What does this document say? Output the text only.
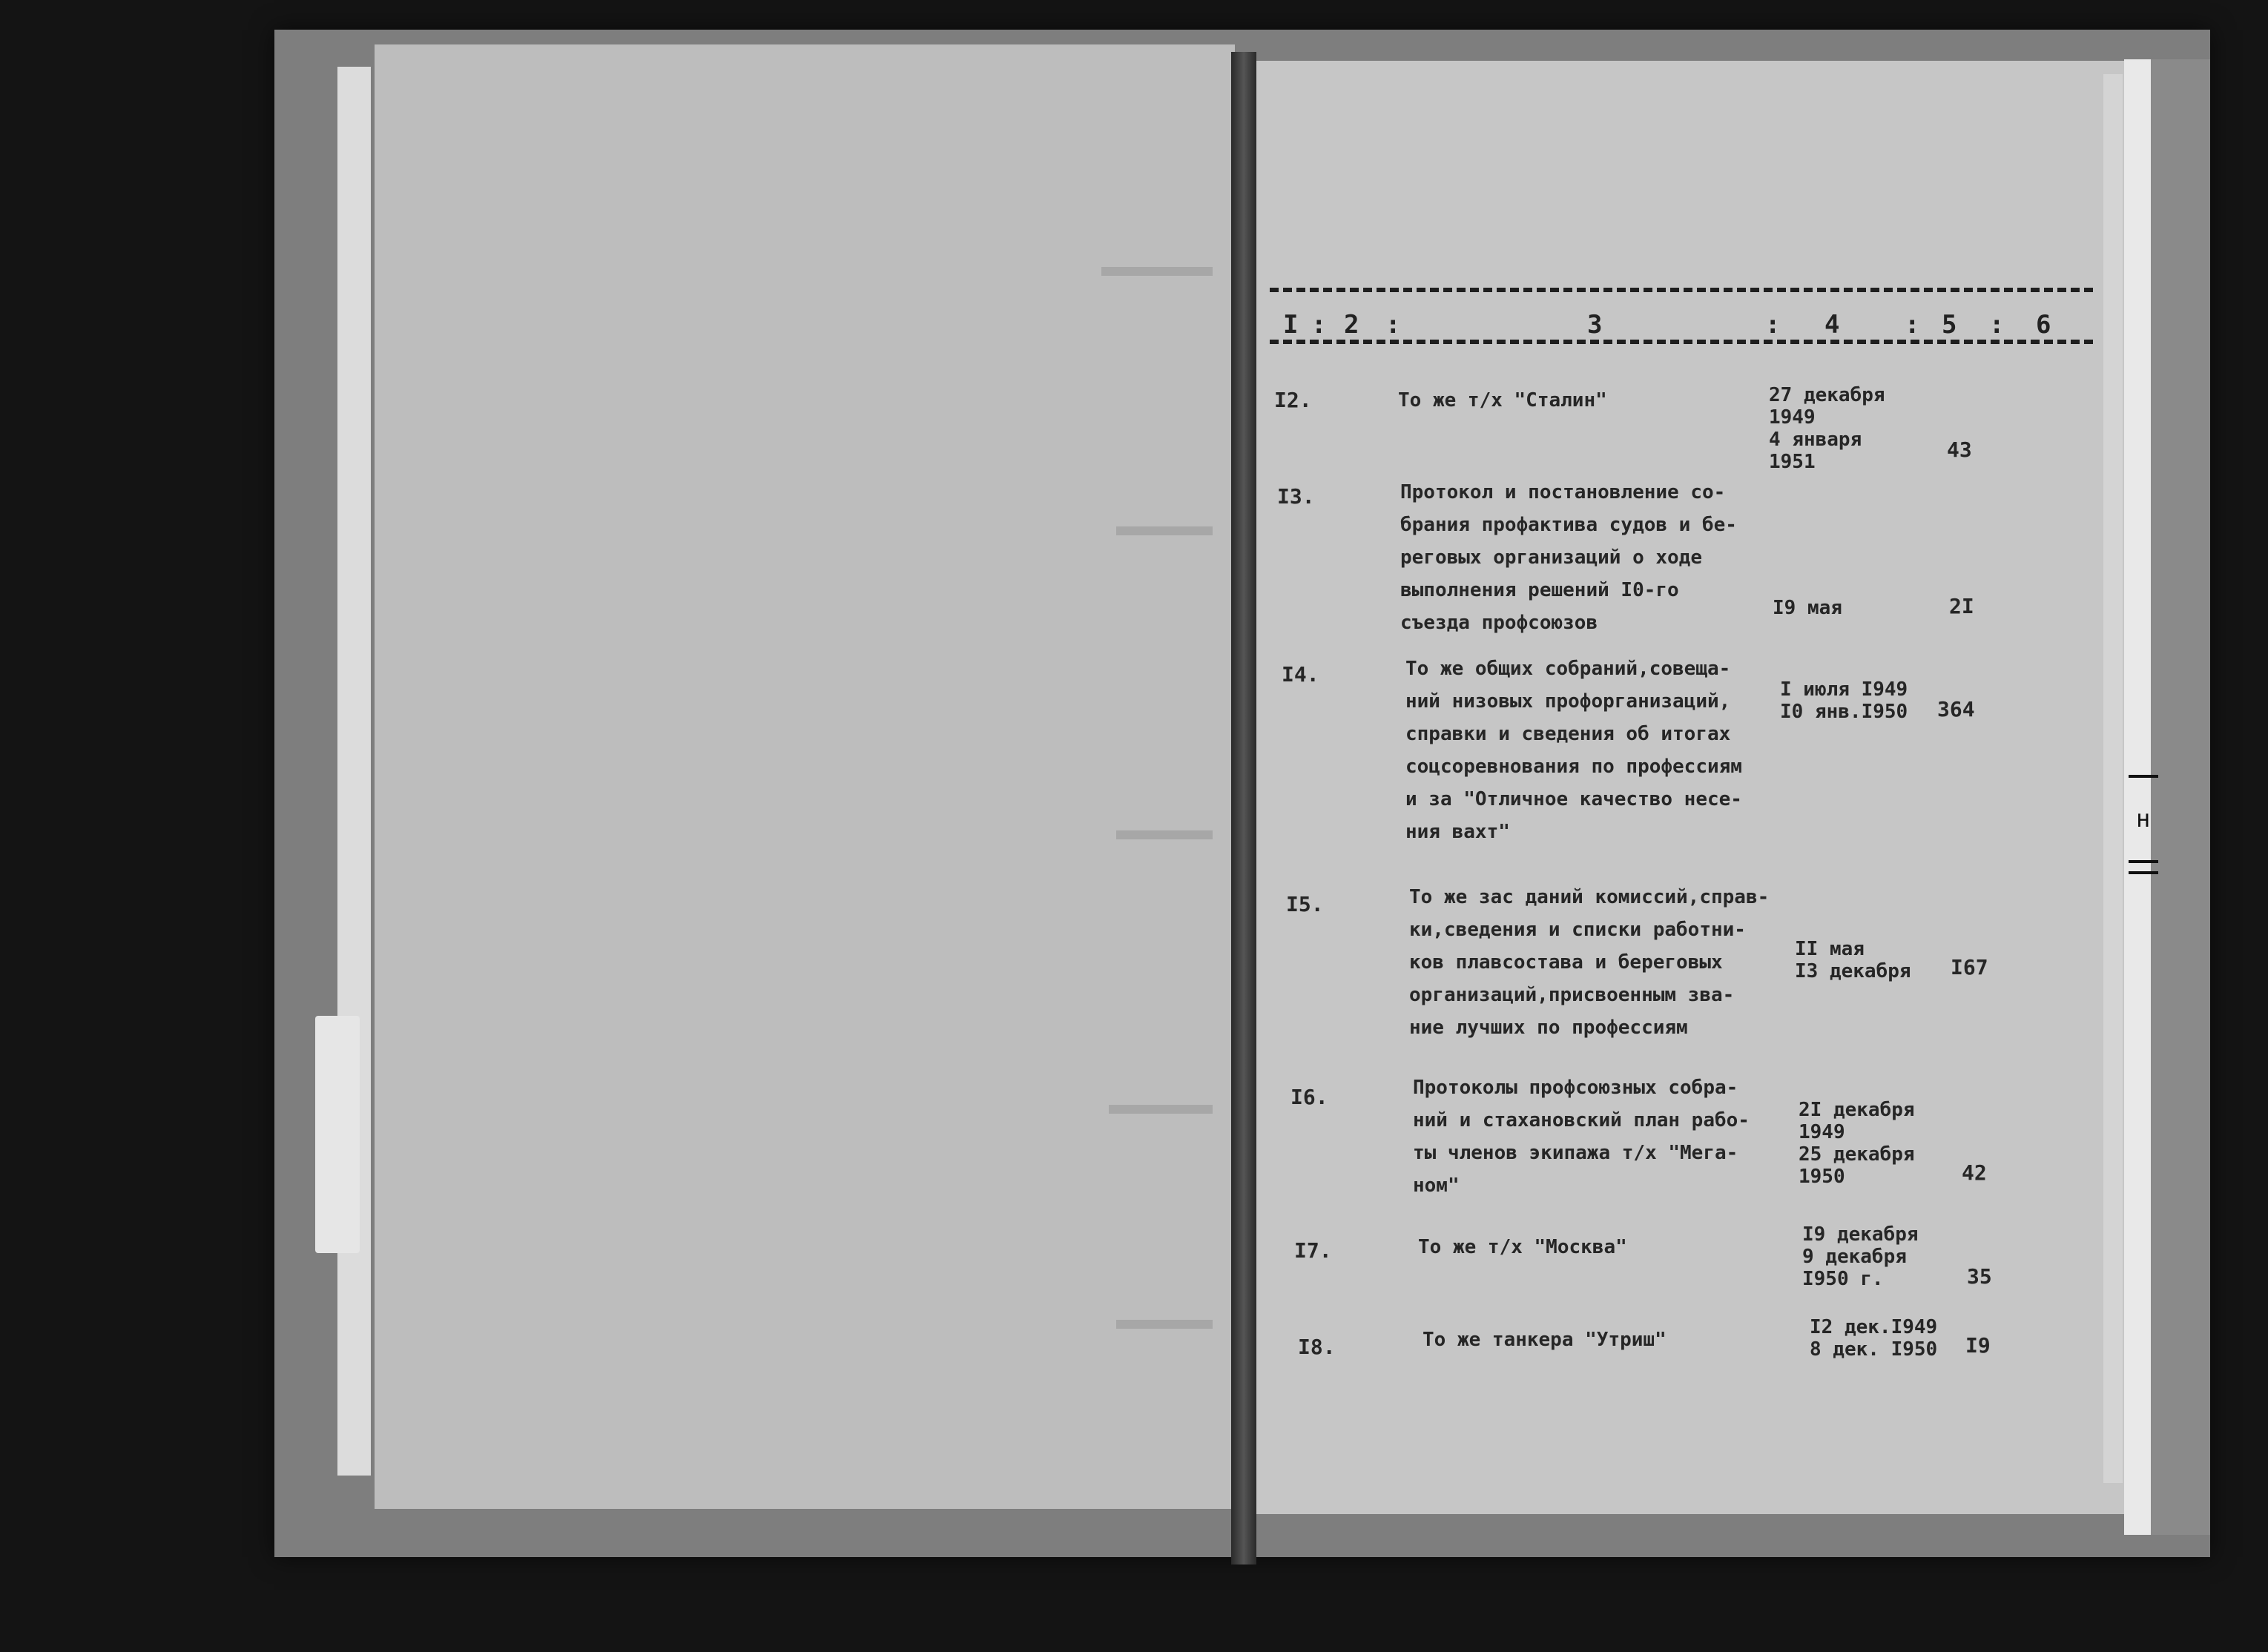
н
I : 2 :	3	: 4	: 5 : 6
I2.	То же т/х "Сталин"	27 декабря
1949
4 января
1951	43
I3.	Протокол и постановление со-
брания профактива судов и бе-
реговых организаций о ходе
выполнения решений I0-го
съезда профсоюзов
I9 мая	2I
I4.	То же общих собраний,совеща-
ний низовых профорганизаций,
справки и сведения об итогах
соцсоревнования по профессиям
и за "Отличное качество несе-
ния вахт"
I июля I949
I0 янв.I950 364
I5.	То же зас даний комиссий,справ-
ки,сведения и списки работни-
ков плавсостава и береговых
организаций,присвоенным зва-
ние лучших по профессиям
II мая
I3 декабря I67
I6.	Протоколы профсоюзных собра-
ний и стахановский план рабо-
ты членов экипажа т/х "Мега-
ном"
2I декабря
1949
25 декабря
1950	42
I7.	То же т/х "Москва"
I9 декабря
9 декабря
I950 г.	35
I8.	То же танкера "Утриш"
I2 дек.I949
8 дек. I950 I9
